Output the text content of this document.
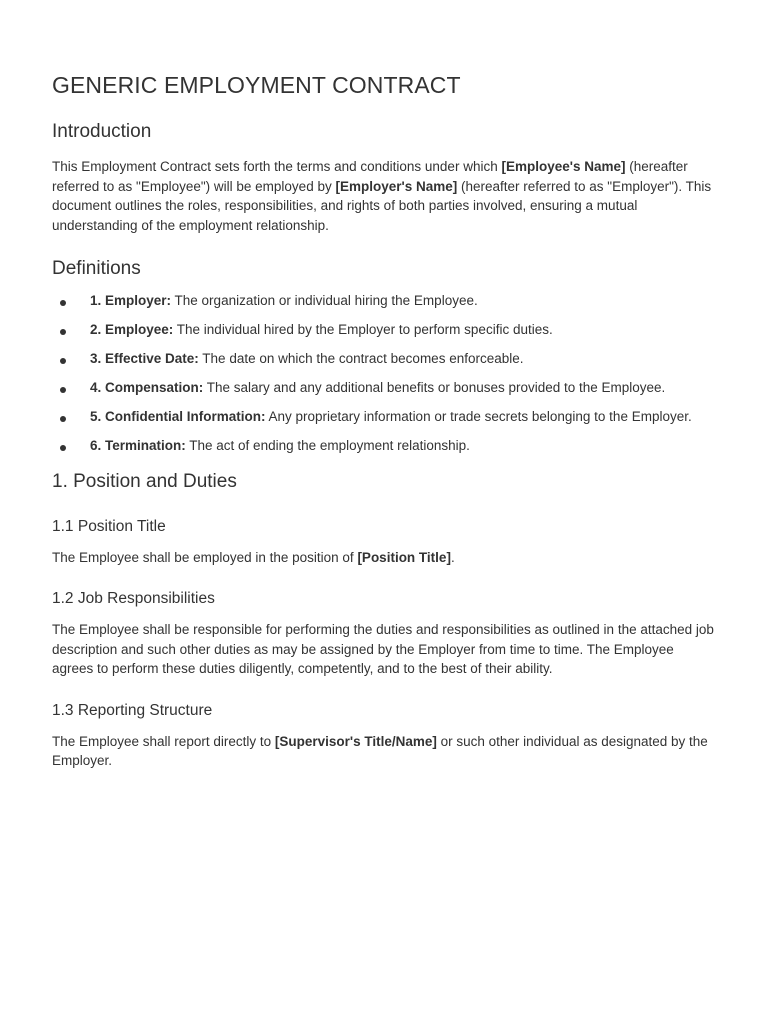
GENERIC EMPLOYMENT CONTRACT
Introduction

This Employment Contract sets forth the terms and conditions under which [Employee's Name] (hereafter referred to as "Employee") will be employed by [Employer's Name] (hereafter referred to as "Employer"). This document outlines the roles, responsibilities, and rights of both parties involved, ensuring a mutual understanding of the employment relationship.

Definitions
1. Employer: The organization or individual hiring the Employee.
2. Employee: The individual hired by the Employer to perform specific duties.
3. Effective Date: The date on which the contract becomes enforceable.
4. Compensation: The salary and any additional benefits or bonuses provided to the Employee.
5. Confidential Information: Any proprietary information or trade secrets belonging to the Employer.
6. Termination: The act of ending the employment relationship.
1. Position and Duties
1.1 Position Title

The Employee shall be employed in the position of [Position Title].

1.2 Job Responsibilities

The Employee shall be responsible for performing the duties and responsibilities as outlined in the attached job description and such other duties as may be assigned by the Employer from time to time. The Employee agrees to perform these duties diligently, competently, and to the best of their ability.

1.3 Reporting Structure

The Employee shall report directly to [Supervisor's Title/Name] or such other individual as designated by the Employer.
